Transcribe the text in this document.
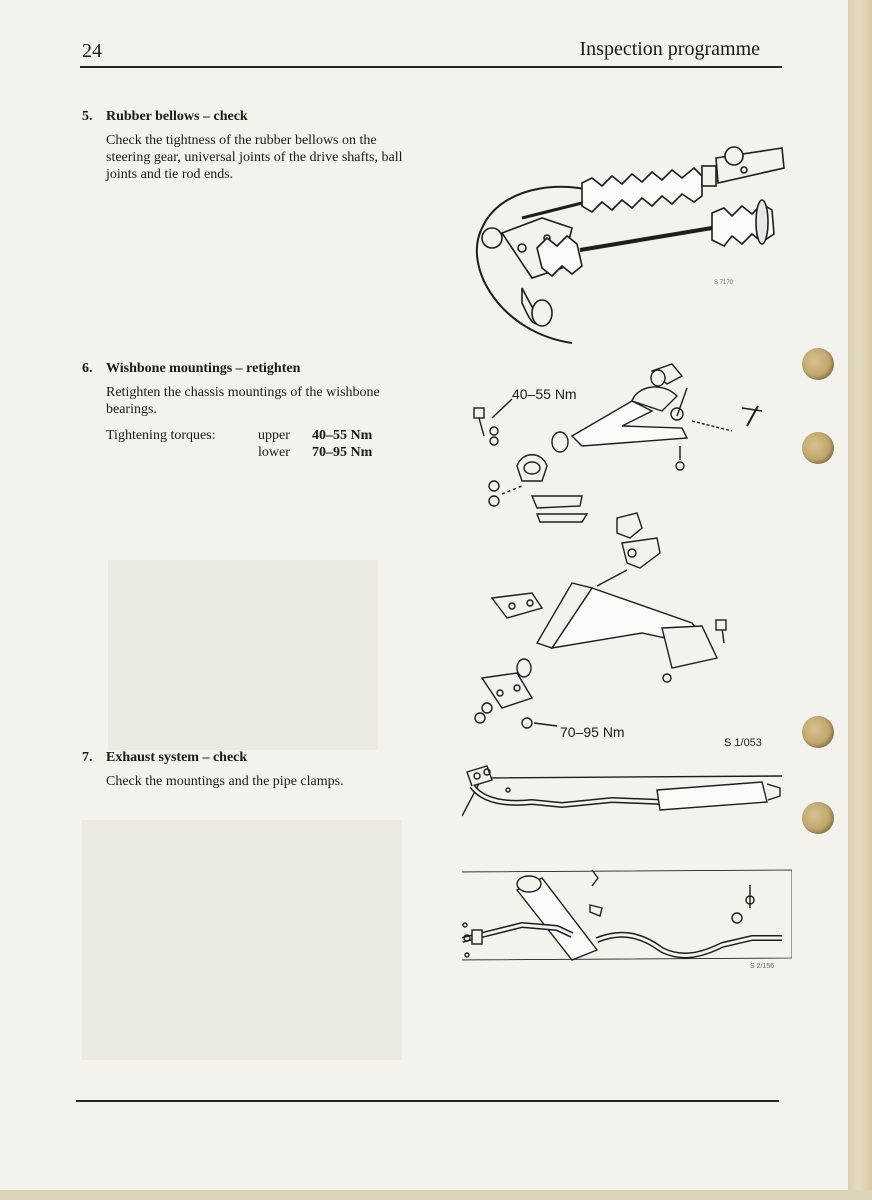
24	Inspection programme
5. Rubber bellows – check
Check the tightness of the rubber bellows on the steering gear, universal joints of the drive shafts, ball joints and tie rod ends.
6. Wishbone mountings – retighten
Retighten the chassis mountings of the wishbone bearings.
Tightening torques:	upper	40–55 Nm
lower	70–95 Nm
7. Exhaust system – check
Check the mountings and the pipe clamps.
S 7170
40–55 Nm
70–95 Nm
S 1/053
S 2/156
